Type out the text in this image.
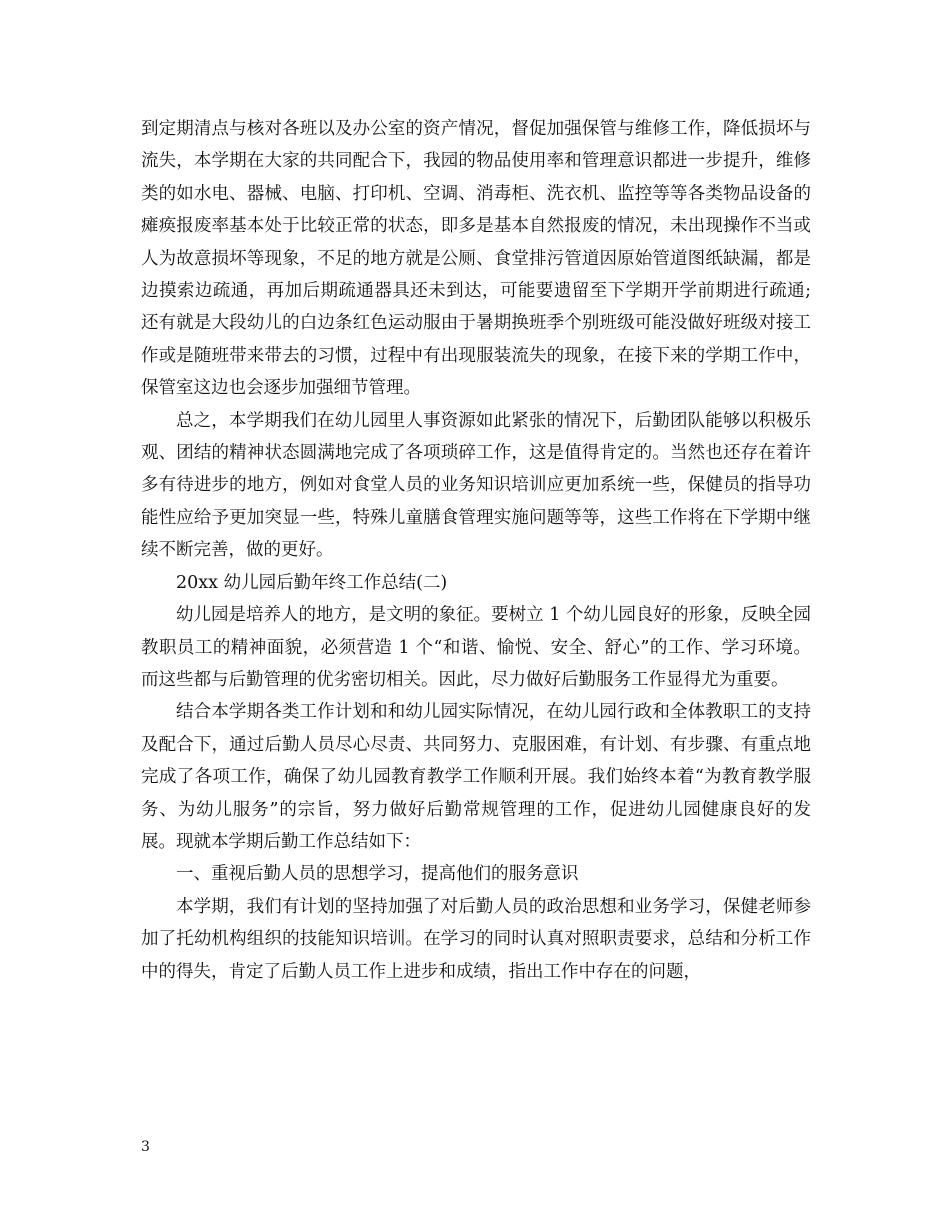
到定期清点与核对各班以及办公室的资产情况，督促加强保管与维修工作，降低损坏与流失，本学期在大家的共同配合下，我园的物品使用率和管理意识都进一步提升，维修类的如水电、器械、电脑、打印机、空调、消毒柜、洗衣机、监控等等各类物品设备的瘫痪报废率基本处于比较正常的状态，即多是基本自然报废的情况，未出现操作不当或人为故意损坏等现象，不足的地方就是公厕、食堂排污管道因原始管道图纸缺漏，都是边摸索边疏通，再加后期疏通器具还未到达，可能要遗留至下学期开学前期进行疏通;还有就是大段幼儿的白边条红色运动服由于暑期换班季个别班级可能没做好班级对接工作或是随班带来带去的习惯，过程中有出现服装流失的现象，在接下来的学期工作中，保管室这边也会逐步加强细节管理。

总之，本学期我们在幼儿园里人事资源如此紧张的情况下，后勤团队能够以积极乐观、团结的精神状态圆满地完成了各项琐碎工作，这是值得肯定的。当然也还存在着许多有待进步的地方，例如对食堂人员的业务知识培训应更加系统一些，保健员的指导功能性应给予更加突显一些，特殊儿童膳食管理实施问题等等，这些工作将在下学期中继续不断完善，做的更好。

20xx 幼儿园后勤年终工作总结(二)

幼儿园是培养人的地方，是文明的象征。要树立 1 个幼儿园良好的形象，反映全园教职员工的精神面貌，必须营造 1 个“和谐、愉悦、安全、舒心”的工作、学习环境。而这些都与后勤管理的优劣密切相关。因此，尽力做好后勤服务工作显得尤为重要。

结合本学期各类工作计划和和幼儿园实际情况，在幼儿园行政和全体教职工的支持及配合下，通过后勤人员尽心尽责、共同努力、克服困难，有计划、有步骤、有重点地完成了各项工作，确保了幼儿园教育教学工作顺利开展。我们始终本着“为教育教学服务、为幼儿服务”的宗旨，努力做好后勤常规管理的工作，促进幼儿园健康良好的发展。现就本学期后勤工作总结如下：

一、重视后勤人员的思想学习，提高他们的服务意识

本学期，我们有计划的坚持加强了对后勤人员的政治思想和业务学习，保健老师参加了托幼机构组织的技能知识培训。在学习的同时认真对照职责要求，总结和分析工作中的得失，肯定了后勤人员工作上进步和成绩，指出工作中存在的问题，

3
